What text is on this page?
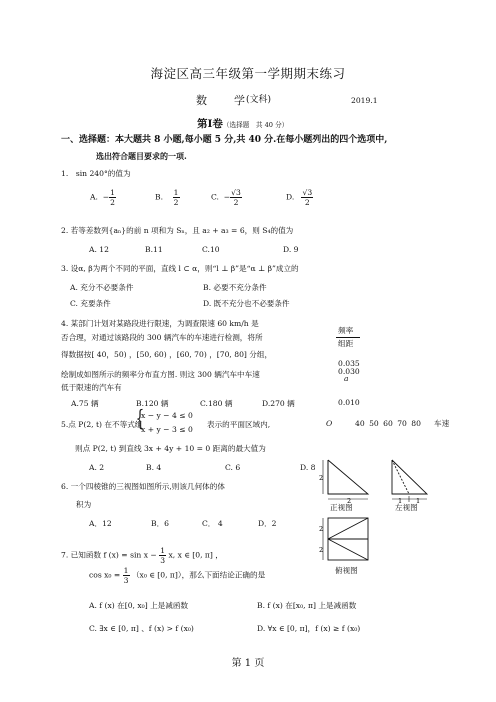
海淀区高三年级第一学期期末练习
数　学
(文科)	2019.1
第Ⅰ卷（选择题　共 40 分）
一、选择题：本大题共 8 小题,每小题 5 分,共 40 分.在每小题列出的四个选项中,
选出符合题目要求的一项.
1.　sin 240°的值为
A. − $\frac{1}{2}$	B. $\frac{1}{2}$	C. − $\frac{√3}{2}$	D. $\frac{√3}{2}$
2. 若等差数列{aₙ}的前 n 项和为 Sₙ，且 a₂ + a₃ = 6，则 S₄的值为
A. 12	B.11	C.10	D. 9
3. 设α, β为两个不同的平面，直线 l ⊂ α，则“l ⊥ β”是“α ⊥ β”成立的
A. 充分不必要条件	B. 必要不充分条件
C. 充要条件	D. 既不充分也不必要条件
4. 某部门计划对某路段进行限速，为调查限速 60 km/h 是
否合理，对通过该路段的 300 辆汽车的车速进行检测，将所
得数据按[ 40，50) ，[50, 60) ，[60, 70) ，[70, 80] 分组，
绘制成如图所示的频率分布直方图. 则这 300 辆汽车中车速
低于限速的汽车有
A.75 辆	B.120 辆	C.180 辆	D.270 辆
频率
组距
0.035
0.030
a
0.010
O	40 50 60 70 80 车速
5.点 P(2, t) 在不等式组
{
x − y − 4 ≤ 0
x + y − 3 ≤ 0
表示的平面区域内,
则点 P(2, t) 到直线 3x + 4y + 10 = 0 距离的最大值为
A. 2	B. 4	C. 6	D. 8
6. 一个四棱锥的三视图如图所示,则该几何体的体
积为
A．12	B．6	C． 4	D．2
2
2	1 1
2
2
正视图	左视图
俯视图
7. 已知函数 f $(x) = \sin x - \frac{1}{3} x$, x ∈ [0, π] ，
$\cos x_0 = \frac{1}{3} (x_0$ ∈ [0, π]），那么下面结论正确的是
A. f (x) 在[0, x₀] 上是减函数	B. f (x) 在[x₀, π] 上是减函数
C. ∃x ∈ [0, π] 、f (x) > f (x₀)	D. ∀x ∈ [0, π]，f (x) ≥ f (x₀)
第 1 页
